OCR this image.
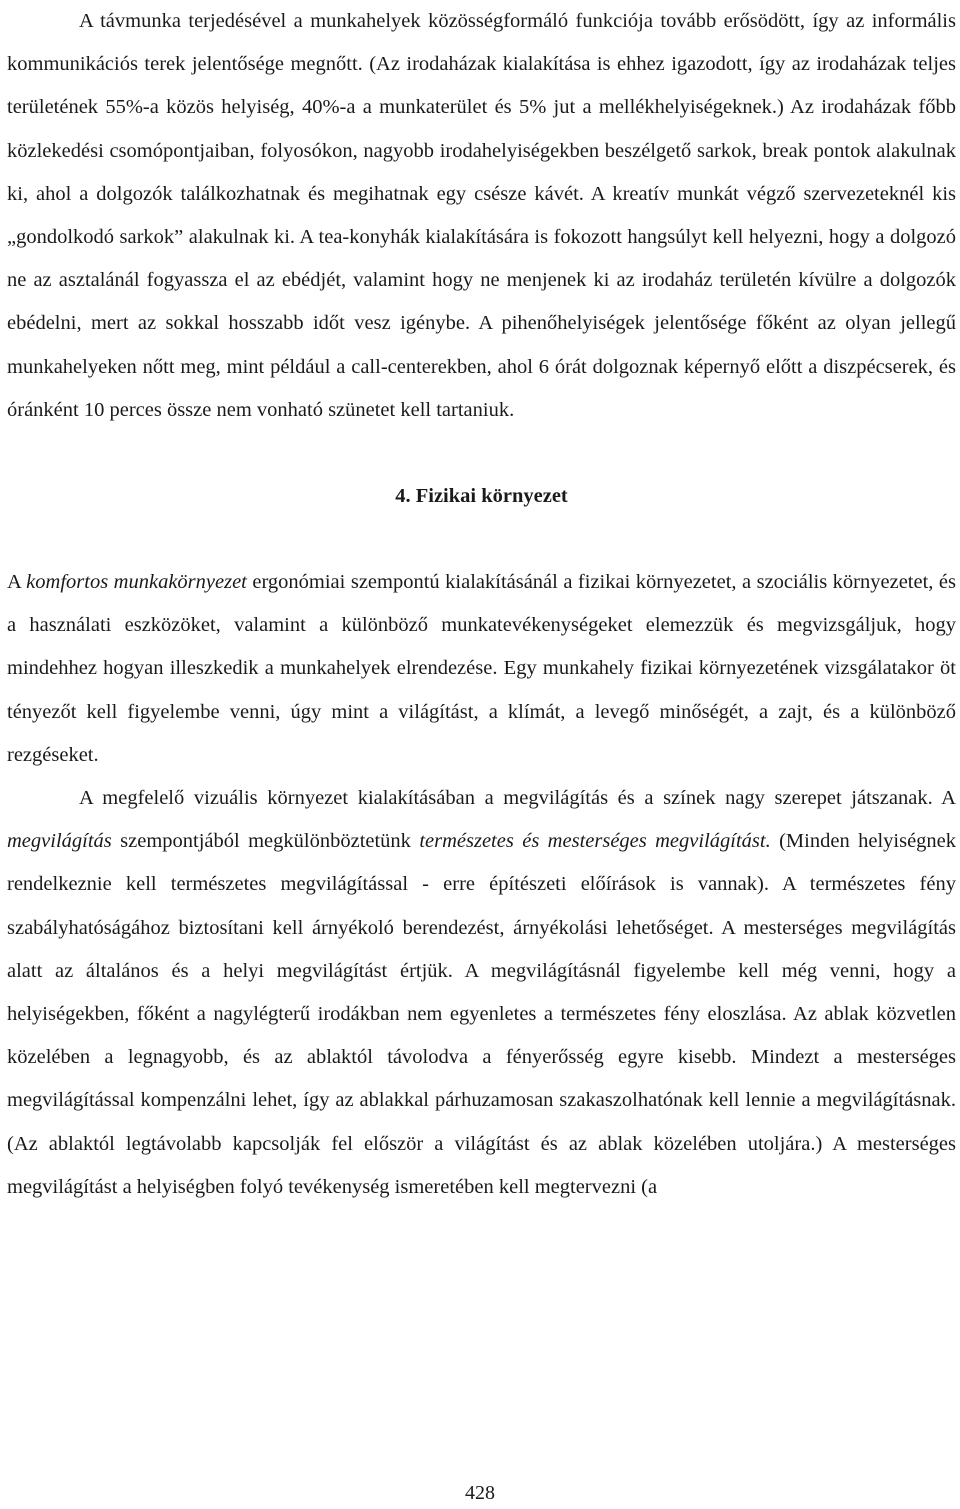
A távmunka terjedésével a munkahelyek közösségformáló funkciója tovább erősödött, így az informális kommunikációs terek jelentősége megnőtt. (Az irodaházak kialakítása is ehhez igazodott, így az irodaházak teljes területének 55%-a közös helyiség, 40%-a a munkaterület és 5% jut a mellékhelyiségeknek.) Az irodaházak főbb közlekedési csomópontjaiban, folyosókon, nagyobb irodahelyiségekben beszélgető sarkok, break pontok alakulnak ki, ahol a dolgozók találkozhatnak és megihatnak egy csésze kávét. A kreatív munkát végző szervezeteknél kis „gondolkodó sarkok” alakulnak ki. A tea-konyhák kialakítására is fokozott hangsúlyt kell helyezni, hogy a dolgozó ne az asztalánál fogyassza el az ebédjét, valamint hogy ne menjenek ki az irodaház területén kívülre a dolgozók ebédelni, mert az sokkal hosszabb időt vesz igénybe. A pihenőhelyiségek jelentősége főként az olyan jellegű munkahelyeken nőtt meg, mint például a call-centerekben, ahol 6 órát dolgoznak képernyő előtt a diszpécserek, és óránként 10 perces össze nem vonható szünetet kell tartaniuk.

4. Fizikai környezet

A komfortos munkakörnyezet ergonómiai szempontú kialakításánál a fizikai környezetet, a szociális környezetet, és a használati eszközöket, valamint a különböző munkatevékenységeket elemezzük és megvizsgáljuk, hogy mindehhez hogyan illeszkedik a munkahelyek elrendezése. Egy munkahely fizikai környezetének vizsgálatakor öt tényezőt kell figyelembe venni, úgy mint a világítást, a klímát, a levegő minőségét, a zajt, és a különböző rezgéseket.

A megfelelő vizuális környezet kialakításában a megvilágítás és a színek nagy szerepet játszanak. A megvilágítás szempontjából megkülönböztetünk természetes és mesterséges megvilágítást. (Minden helyiségnek rendelkeznie kell természetes megvilágítással - erre építészeti előírások is vannak). A természetes fény szabályhatóságához biztosítani kell árnyékoló berendezést, árnyékolási lehetőséget. A mesterséges megvilágítás alatt az általános és a helyi megvilágítást értjük. A megvilágításnál figyelembe kell még venni, hogy a helyiségekben, főként a nagylégterű irodákban nem egyenletes a természetes fény eloszlása. Az ablak közvetlen közelében a legnagyobb, és az ablaktól távolodva a fényerősség egyre kisebb. Mindezt a mesterséges megvilágítással kompenzálni lehet, így az ablakkal párhuzamosan szakaszolhatónak kell lennie a megvilágításnak. (Az ablaktól legtávolabb kapcsolják fel először a világítást és az ablak közelében utoljára.) A mesterséges megvilágítást a helyiségben folyó tevékenység ismeretében kell megtervezni (a

428
